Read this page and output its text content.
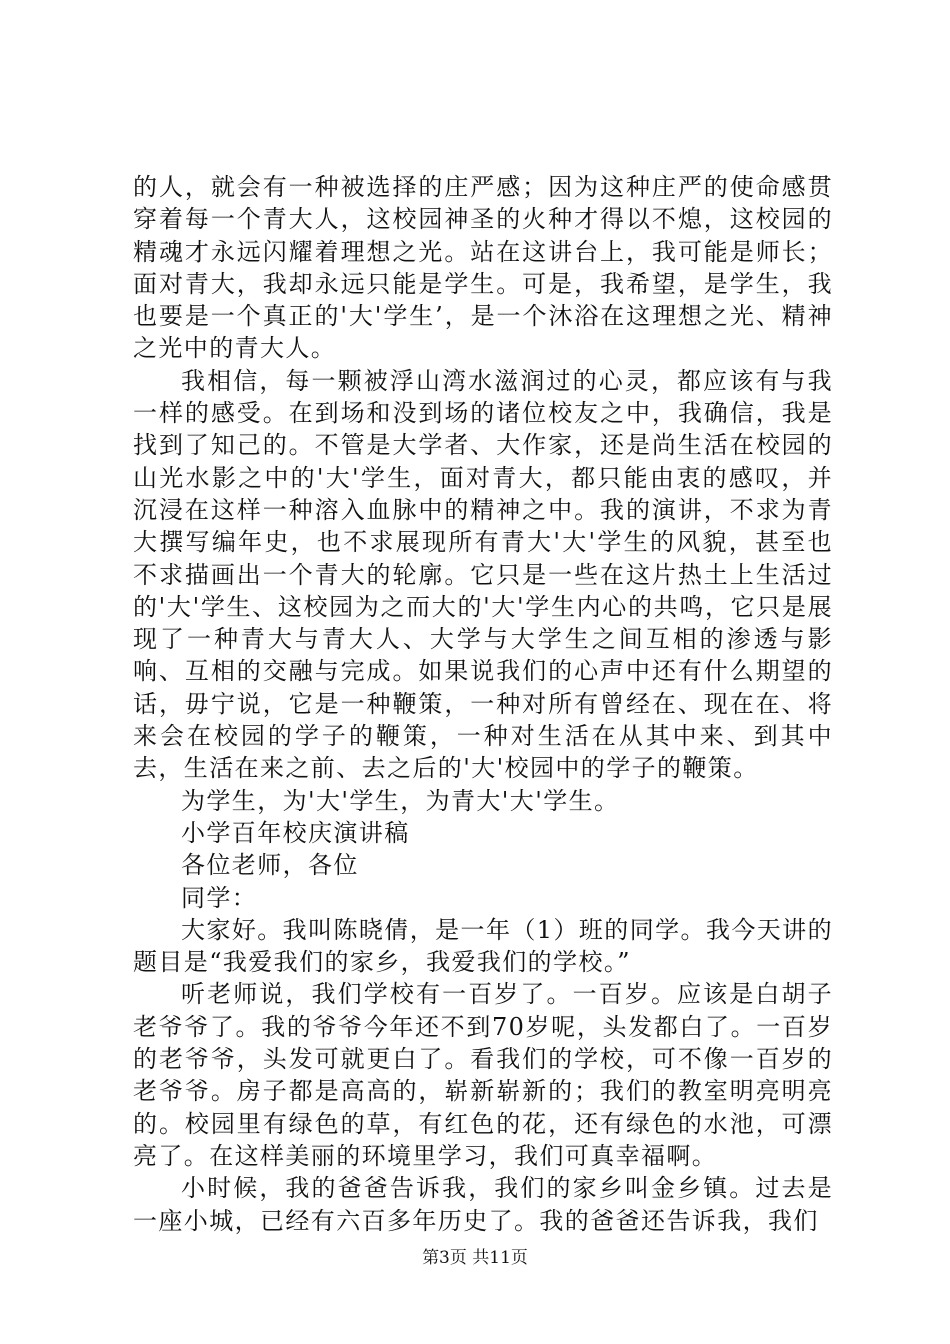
的人，就会有一种被选择的庄严感；因为这种庄严的使命感贯穿着每一个青大人，这校园神圣的火种才得以不熄，这校园的精魂才永远闪耀着理想之光。站在这讲台上，我可能是师长；面对青大，我却永远只能是学生。可是，我希望，是学生，我也要是一个真正的'大'学生’，是一个沐浴在这理想之光、精神之光中的青大人。

我相信，每一颗被浮山湾水滋润过的心灵，都应该有与我一样的感受。在到场和没到场的诸位校友之中，我确信，我是找到了知己的。不管是大学者、大作家，还是尚生活在校园的山光水影之中的'大'学生，面对青大，都只能由衷的感叹，并沉浸在这样一种溶入血脉中的精神之中。我的演讲，不求为青大撰写编年史，也不求展现所有青大'大'学生的风貌，甚至也不求描画出一个青大的轮廓。它只是一些在这片热土上生活过的'大'学生、这校园为之而大的'大'学生内心的共鸣，它只是展现了一种青大与青大人、大学与大学生之间互相的渗透与影响、互相的交融与完成。如果说我们的心声中还有什么期望的话，毋宁说，它是一种鞭策，一种对所有曾经在、现在在、将来会在校园的学子的鞭策，一种对生活在从其中来、到其中去，生活在来之前、去之后的'大'校园中的学子的鞭策。

为学生，为'大'学生，为青大'大'学生。

小学百年校庆演讲稿

各位老师，各位

同学：

大家好。我叫陈晓倩，是一年（1）班的同学。我今天讲的题目是“我爱我们的家乡，我爱我们的学校。”

听老师说，我们学校有一百岁了。一百岁。应该是白胡子老爷爷了。我的爷爷今年还不到70岁呢，头发都白了。一百岁的老爷爷，头发可就更白了。看我们的学校，可不像一百岁的老爷爷。房子都是高高的，崭新崭新的；我们的教室明亮明亮的。校园里有绿色的草，有红色的花，还有绿色的水池，可漂亮了。在这样美丽的环境里学习，我们可真幸福啊。

小时候，我的爸爸告诉我，我们的家乡叫金乡镇。过去是一座小城，已经有六百多年历史了。我的爸爸还告诉我，我们

第3页 共11页
